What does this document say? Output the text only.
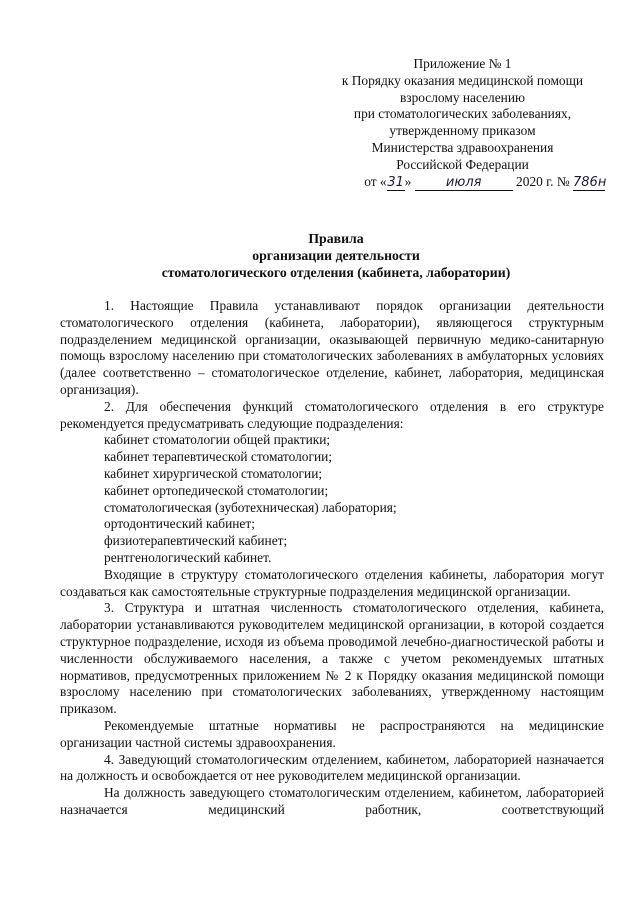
Приложение № 1
к Порядку оказания медицинской помощи
взрослому населению
при стоматологических заболеваниях,
утвержденному приказом
Министерства здравоохранения
Российской Федерации
от «31»	июля	2020 г. № 786н
Правила
организации деятельности
стоматологического отделения (кабинета, лаборатории)

1. Настоящие Правила устанавливают порядок организации деятельности стоматологического отделения (кабинета, лаборатории), являющегося структурным подразделением медицинской организации, оказывающей первичную медико-санитарную помощь взрослому населению при стоматологических заболеваниях в амбулаторных условиях (далее соответственно – стоматологическое отделение, кабинет, лаборатория, медицинская организация).

2. Для обеспечения функций стоматологического отделения в его структуре рекомендуется предусматривать следующие подразделения:

кабинет стоматологии общей практики;

кабинет терапевтической стоматологии;

кабинет хирургической стоматологии;

кабинет ортопедической стоматологии;

стоматологическая (зуботехническая) лаборатория;

ортодонтический кабинет;

физиотерапевтический кабинет;

рентгенологический кабинет.

Входящие в структуру стоматологического отделения кабинеты, лаборатория могут создаваться как самостоятельные структурные подразделения медицинской организации.

3. Структура и штатная численность стоматологического отделения, кабинета, лаборатории устанавливаются руководителем медицинской организации, в которой создается структурное подразделение, исходя из объема проводимой лечебно-диагностической работы и численности обслуживаемого населения, а также с учетом рекомендуемых штатных нормативов, предусмотренных приложением № 2 к Порядку оказания медицинской помощи взрослому населению при стоматологических заболеваниях, утвержденному настоящим приказом.

Рекомендуемые штатные нормативы не распространяются на медицинские организации частной системы здравоохранения.

4. Заведующий стоматологическим отделением, кабинетом, лабораторией назначается на должность и освобождается от нее руководителем медицинской организации.

На должность заведующего стоматологическим отделением, кабинетом, лабораторией назначается медицинский работник, соответствующий
